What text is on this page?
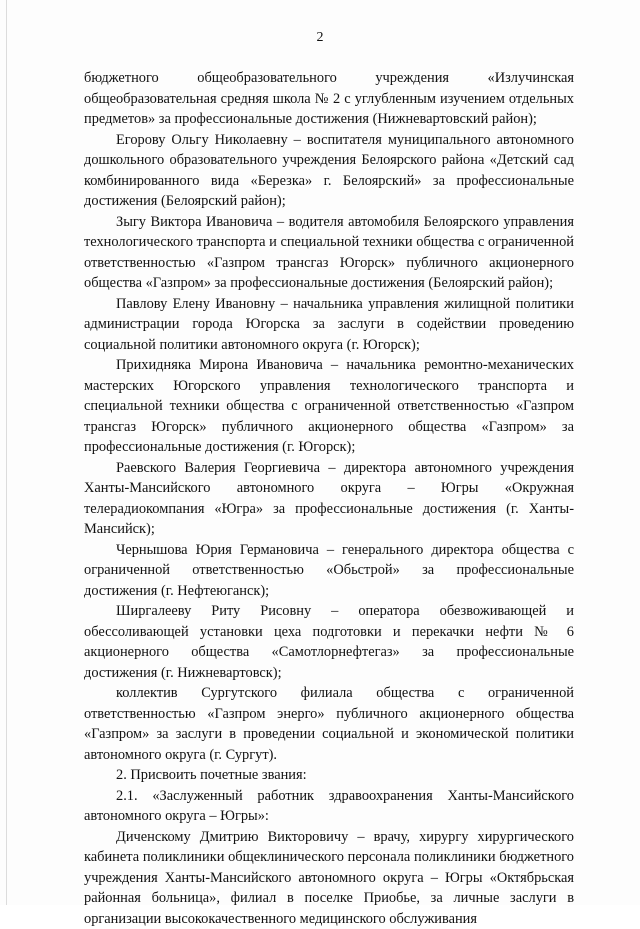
2

бюджетного общеобразовательного учреждения «Излучинская общеобразовательная средняя школа № 2 с углубленным изучением отдельных предметов» за профессиональные достижения (Нижневартовский район);

Егорову Ольгу Николаевну – воспитателя муниципального автономного дошкольного образовательного учреждения Белоярского района «Детский сад комбинированного вида «Березка» г. Белоярский» за профессиональные достижения (Белоярский район);

Зыгу Виктора Ивановича – водителя автомобиля Белоярского управления технологического транспорта и специальной техники общества с ограниченной ответственностью «Газпром трансгаз Югорск» публичного акционерного общества «Газпром» за профессиональные достижения (Белоярский район);

Павлову Елену Ивановну – начальника управления жилищной политики администрации города Югорска за заслуги в содействии проведению социальной политики автономного округа (г. Югорск);

Прихидняка Мирона Ивановича – начальника ремонтно-механических мастерских Югорского управления технологического транспорта и специальной техники общества с ограниченной ответственностью «Газпром трансгаз Югорск» публичного акционерного общества «Газпром» за профессиональные достижения (г. Югорск);

Раевского Валерия Георгиевича – директора автономного учреждения Ханты-Мансийского автономного округа – Югры «Окружная телерадиокомпания «Югра» за профессиональные достижения (г. Ханты-Мансийск);

Чернышова Юрия Германовича – генерального директора общества с ограниченной ответственностью «Обьстрой» за профессиональные достижения (г. Нефтеюганск);

Ширгалееву Риту Рисовну – оператора обезвоживающей и обессоливающей установки цеха подготовки и перекачки нефти № 6 акционерного общества «Самотлорнефтегаз» за профессиональные достижения (г. Нижневартовск);

коллектив Сургутского филиала общества с ограниченной ответственностью «Газпром энерго» публичного акционерного общества «Газпром» за заслуги в проведении социальной и экономической политики автономного округа (г. Сургут).

2. Присвоить почетные звания:

2.1. «Заслуженный работник здравоохранения Ханты-Мансийского автономного округа – Югры»:

Диченскому Дмитрию Викторовичу – врачу, хирургу хирургического кабинета поликлиники общеклинического персонала поликлиники бюджетного учреждения Ханты-Мансийского автономного округа – Югры «Октябрьская районная больница», филиал в поселке Приобье, за личные заслуги в организации высококачественного медицинского обслуживания
